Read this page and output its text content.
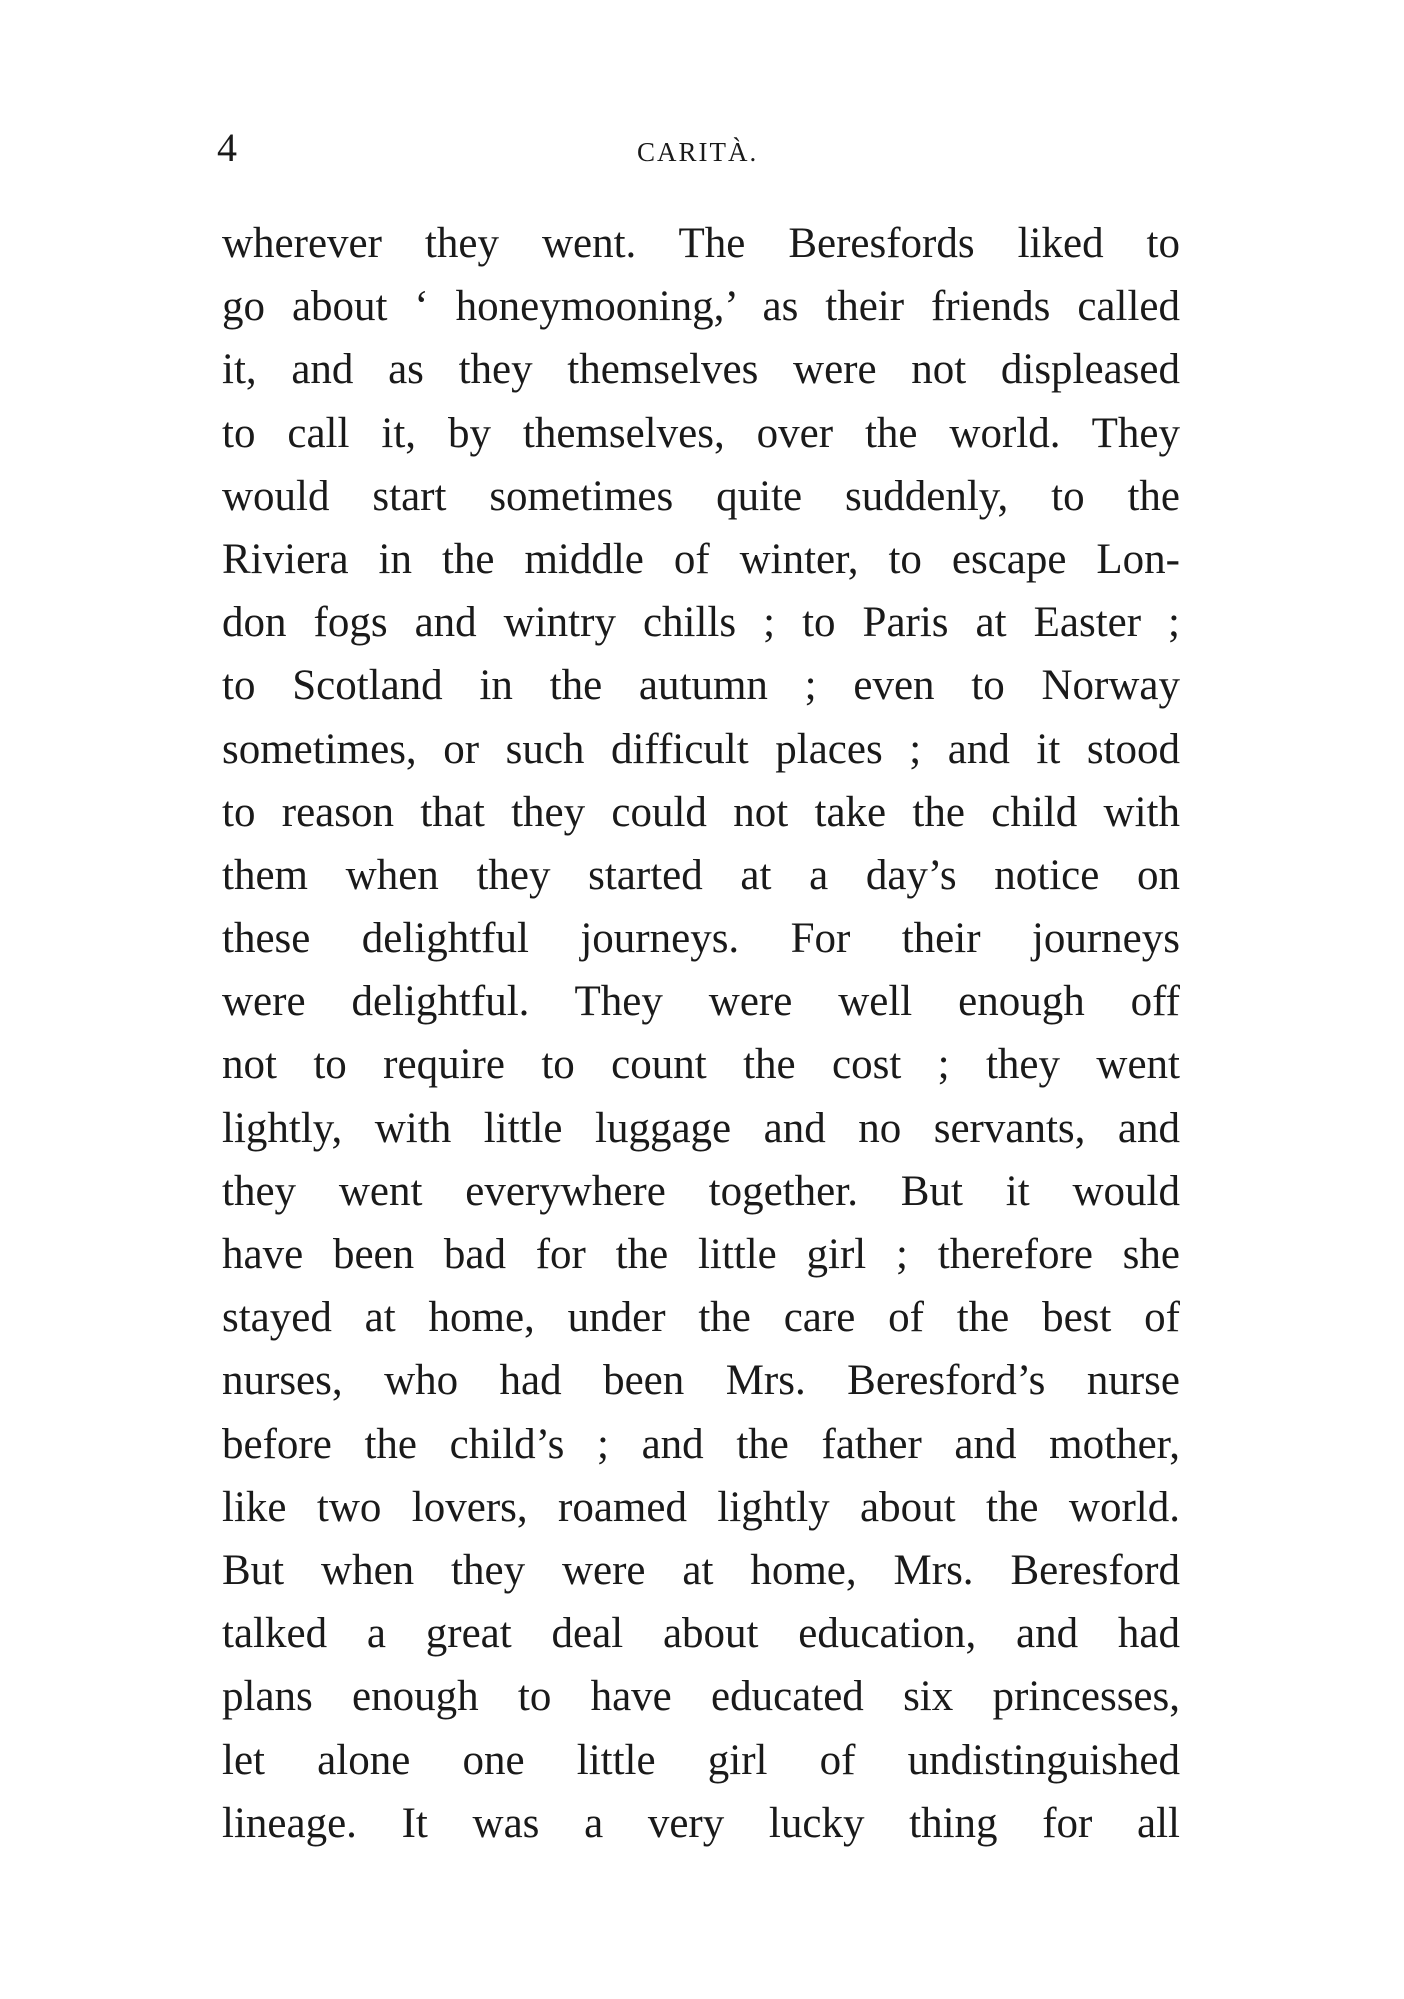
4	CARITÀ.
wherever they went. The Beresfords liked to
go about ‘ honeymooning,’ as their friends called
it, and as they themselves were not displeased
to call it, by themselves, over the world. They
would start sometimes quite suddenly, to the
Riviera in the middle of winter, to escape Lon-
don fogs and wintry chills ; to Paris at Easter ;
to Scotland in the autumn ; even to Norway
sometimes, or such difficult places ; and it stood
to reason that they could not take the child with
them when they started at a day’s notice on
these delightful journeys. For their journeys
were delightful. They were well enough off
not to require to count the cost ; they went
lightly, with little luggage and no servants, and
they went everywhere together. But it would
have been bad for the little girl ; therefore she
stayed at home, under the care of the best of
nurses, who had been Mrs. Beresford’s nurse
before the child’s ; and the father and mother,
like two lovers, roamed lightly about the world.
But when they were at home, Mrs. Beresford
talked a great deal about education, and had
plans enough to have educated six princesses,
let alone one little girl of undistinguished
lineage. It was a very lucky thing for all
